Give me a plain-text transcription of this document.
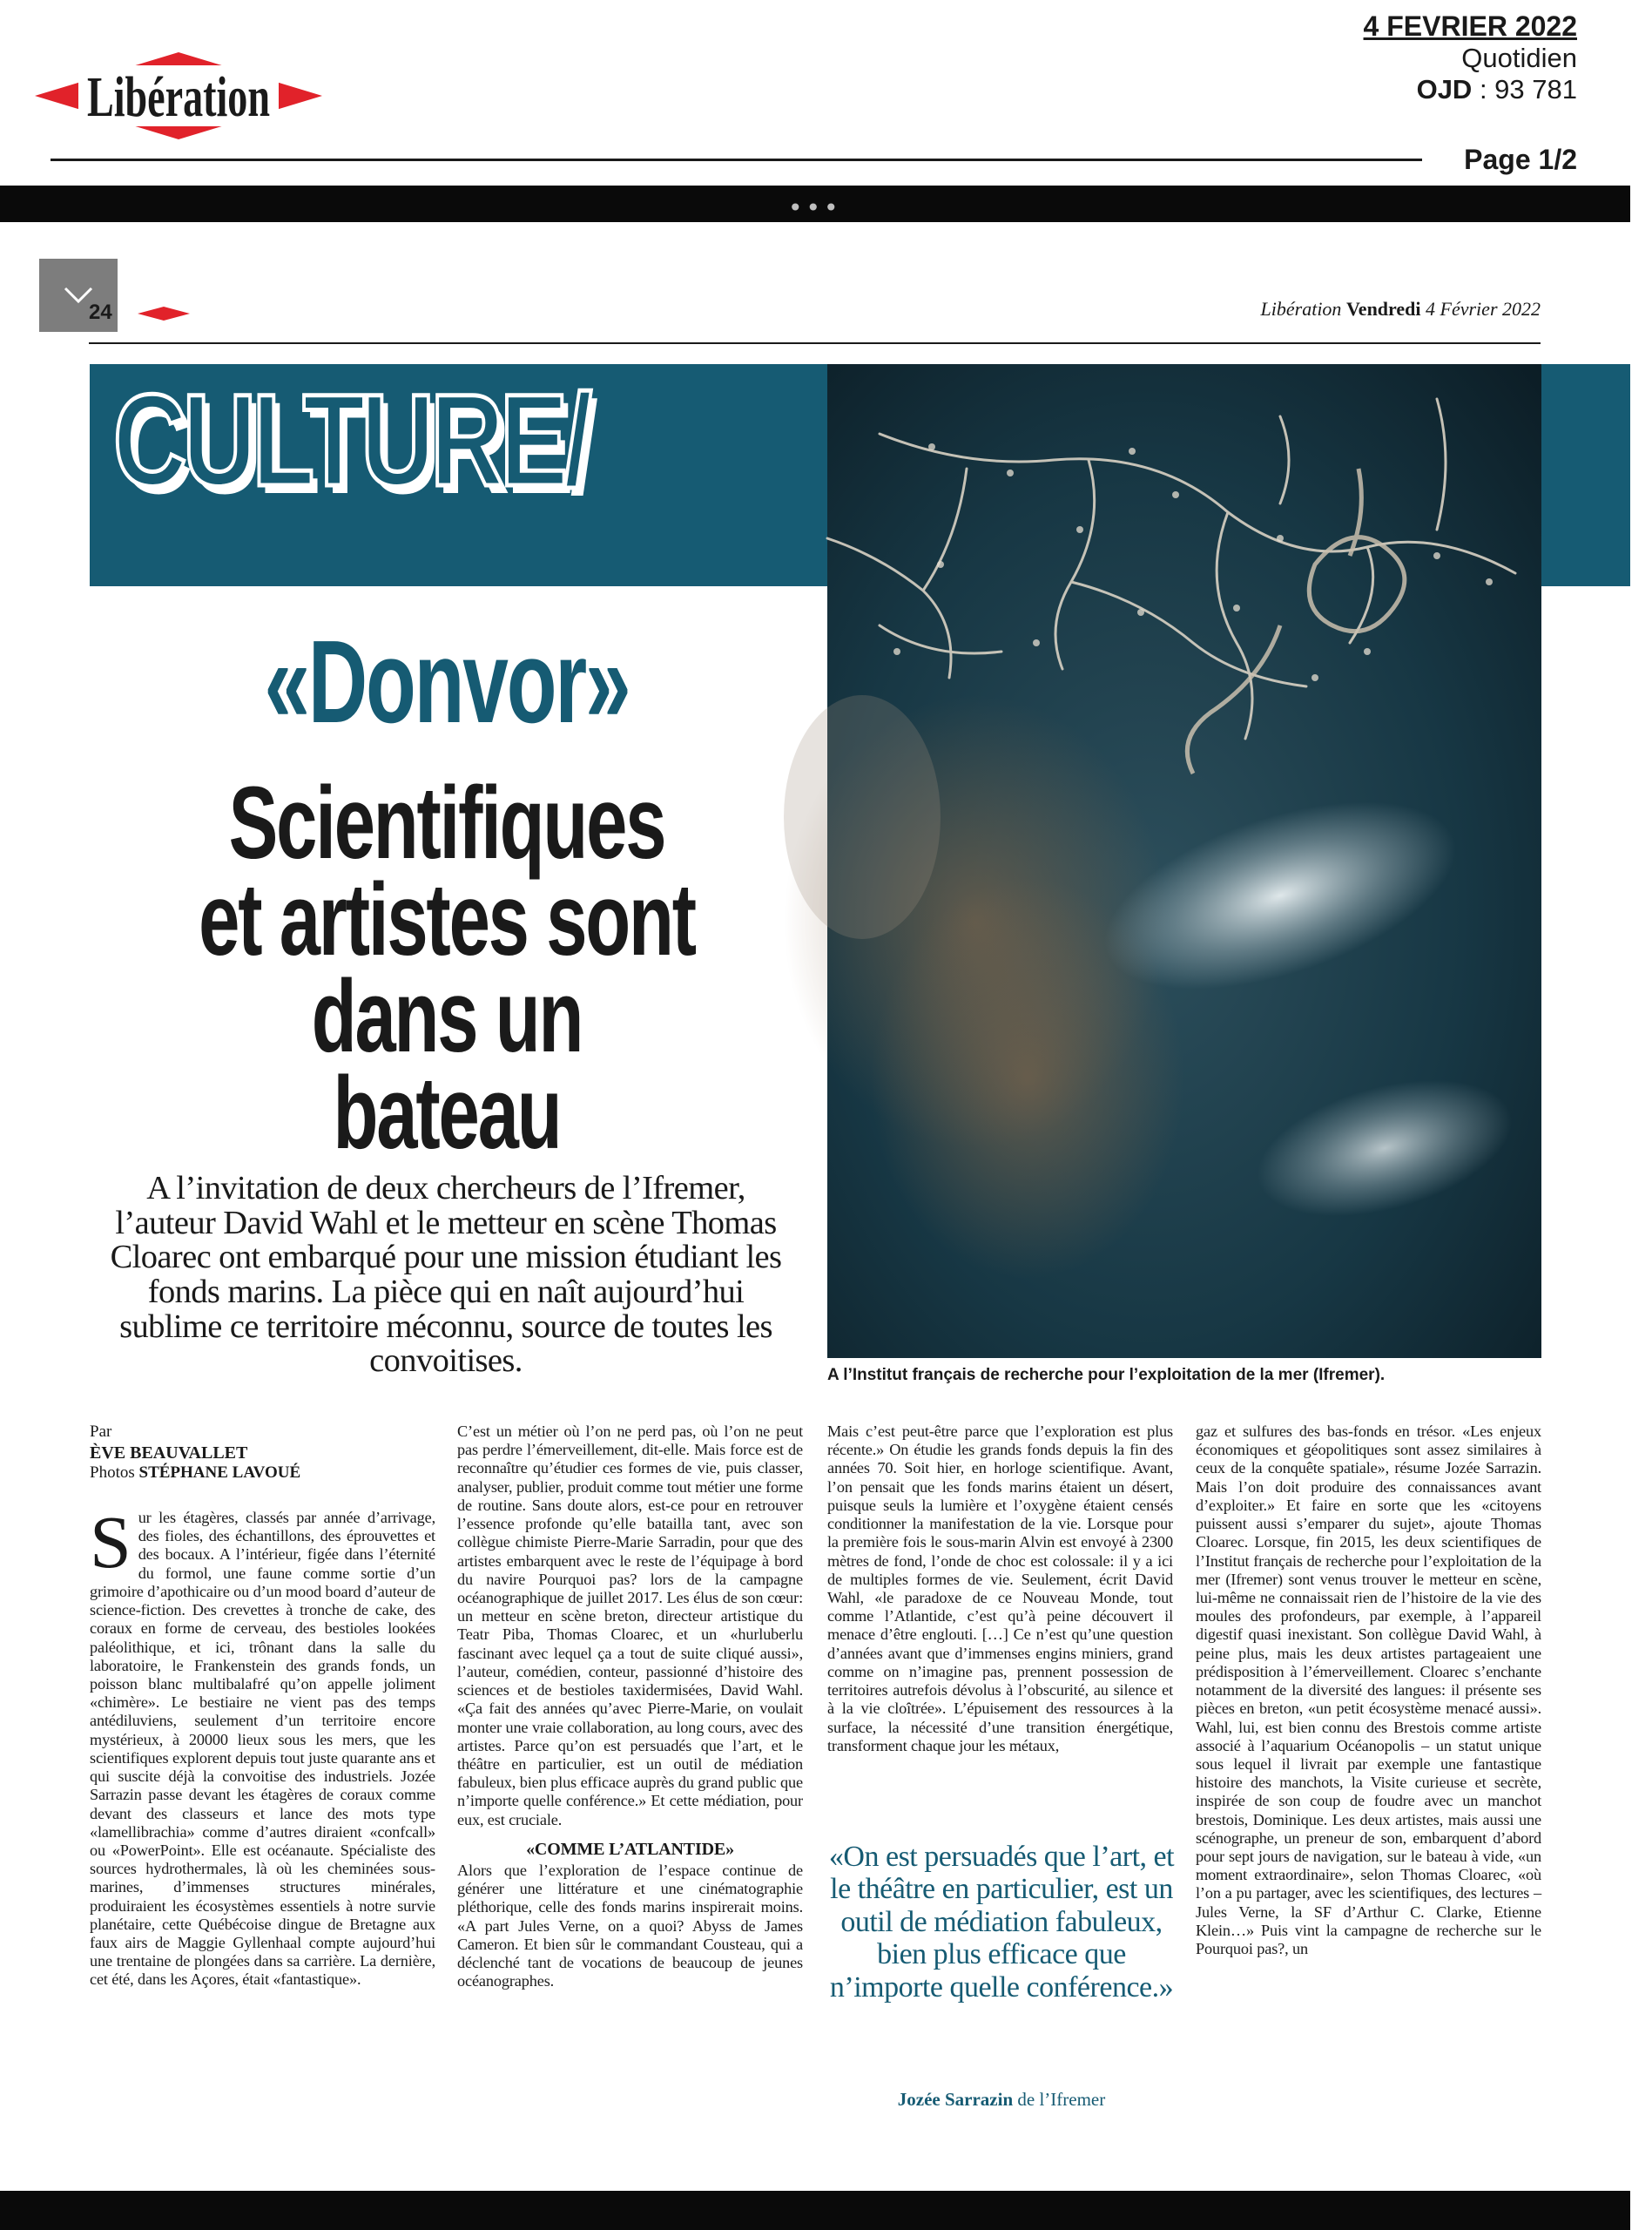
Libération
4 FEVRIER 2022
Quotidien
OJD : 93 781
Page 1/2
•••
24	Libération Vendredi 4 Février 2022
CULTURE/
A l’Institut français de recherche pour l’exploitation de la mer (Ifremer).
«Donvor»
Scientifiques
et artistes sont
dans un bateau
A l’invitation de deux chercheurs de l’Ifremer, l’auteur David Wahl et le metteur en scène Thomas Cloarec ont embarqué pour une mission étudiant les fonds marins. La pièce qui en naît aujourd’hui sublime ce territoire méconnu, source de toutes les convoitises.
Par
ÈVE BEAUVALLET
Photos STÉPHANE LAVOUÉ
Sur les étagères, classés par année d’arrivage, des fioles, des échantillons, des éprouvettes et des bocaux. A l’intérieur, figée dans l’éternité du formol, une faune comme sortie d’un grimoire d’apothicaire ou d’un mood board d’auteur de science-fiction. Des crevettes à tronche de cake, des coraux en forme de cerveau, des bestioles lookées paléolithique, et ici, trônant dans la salle du laboratoire, le Frankenstein des grands fonds, un poisson blanc multibalafré qu’on appelle joliment «chimère». Le bestiaire ne vient pas des temps antédiluviens, seulement d’un territoire encore mystérieux, à 20000 lieux sous les mers, que les scientifiques explorent depuis tout juste quarante ans et qui suscite déjà la convoitise des industriels. Jozée Sarrazin passe devant les étagères de coraux comme devant des classeurs et lance des mots type «lamellibrachia» comme d’autres diraient «confcall» ou «PowerPoint». Elle est océanaute. Spécialiste des sources hydrothermales, là où les cheminées sous-marines, d’immenses structures minérales, produiraient les écosystèmes essentiels à notre survie planétaire, cette Québécoise dingue de Bretagne aux faux airs de Maggie Gyllenhaal compte aujourd’hui une trentaine de plongées dans sa carrière. La dernière, cet été, dans les Açores, était «fantastique».

C’est un métier où l’on ne perd pas, où l’on ne peut pas perdre l’émerveillement, dit-elle. Mais force est de reconnaître qu’étudier ces formes de vie, puis classer, analyser, publier, produit comme tout métier une forme de routine. Sans doute alors, est-ce pour en retrouver l’essence profonde qu’elle batailla tant, avec son collègue chimiste Pierre-Marie Sarradin, pour que des artistes embarquent avec le reste de l’équipage à bord du navire Pourquoi pas? lors de la campagne océanographique de juillet 2017. Les élus de son cœur: un metteur en scène breton, directeur artistique du Teatr Piba, Thomas Cloarec, et un «hurluberlu fascinant avec lequel ça a tout de suite cliqué aussi», l’auteur, comédien, conteur, passionné d’histoire des sciences et de bestioles taxidermisées, David Wahl. «Ça fait des années qu’avec Pierre-Marie, on voulait monter une vraie collaboration, au long cours, avec des artistes. Parce qu’on est persuadés que l’art, et le théâtre en particulier, est un outil de médiation fabuleux, bien plus efficace auprès du grand public que n’importe quelle conférence.» Et cette médiation, pour eux, est cruciale.

«COMME L’ATLANTIDE»

Alors que l’exploration de l’espace continue de générer une littérature et une cinématographie pléthorique, celle des fonds marins inspirerait moins. «A part Jules Verne, on a quoi? Abyss de James Cameron. Et bien sûr le commandant Cousteau, qui a déclenché tant de vocations de beaucoup de jeunes océanographes.

Mais c’est peut-être parce que l’exploration est plus récente.» On étudie les grands fonds depuis la fin des années 70. Soit hier, en horloge scientifique. Avant, l’on pensait que les fonds marins étaient un désert, puisque seuls la lumière et l’oxygène étaient censés conditionner la manifestation de la vie. Lorsque pour la première fois le sous-marin Alvin est envoyé à 2300 mètres de fond, l’onde de choc est colossale: il y a ici de multiples formes de vie. Seulement, écrit David Wahl, «le paradoxe de ce Nouveau Monde, tout comme l’Atlantide, c’est qu’à peine découvert il menace d’être englouti. […] Ce n’est qu’une question d’années avant que d’immenses engins miniers, grand comme on n’imagine pas, prennent possession de territoires autrefois dévolus à l’obscurité, au silence et à la vie cloîtrée». L’épuisement des ressources à la surface, la nécessité d’une transition énergétique, transforment chaque jour les métaux,

«On est persuadés que l’art, et le théâtre en particulier, est un outil de médiation fabuleux, bien plus efficace que n’importe quelle conférence.»
Jozée Sarrazin de l’Ifremer

gaz et sulfures des bas-fonds en trésor. «Les enjeux économiques et géopolitiques sont assez similaires à ceux de la conquête spatiale», résume Jozée Sarrazin. Mais l’on doit produire des connaissances avant d’exploiter.» Et faire en sorte que les «citoyens puissent aussi s’emparer du sujet», ajoute Thomas Cloarec. Lorsque, fin 2015, les deux scientifiques de l’Institut français de recherche pour l’exploitation de la mer (Ifremer) sont venus trouver le metteur en scène, lui-même ne connaissait rien de l’histoire de la vie des moules des profondeurs, par exemple, à l’appareil digestif quasi inexistant. Son collègue David Wahl, à peine plus, mais les deux artistes partageaient une prédisposition à l’émerveillement. Cloarec s’enchante notamment de la diversité des langues: il présente ses pièces en breton, «un petit écosystème menacé aussi». Wahl, lui, est bien connu des Brestois comme artiste associé à l’aquarium Océanopolis – un statut unique sous lequel il livrait par exemple une fantastique histoire des manchots, la Visite curieuse et secrète, inspirée de son coup de foudre avec un manchot brestois, Dominique. Les deux artistes, mais aussi une scénographe, un preneur de son, embarquent d’abord pour sept jours de navigation, sur le bateau à vide, «un moment extraordinaire», selon Thomas Cloarec, «où l’on a pu partager, avec les scientifiques, des lectures – Jules Verne, la SF d’Arthur C. Clarke, Etienne Klein…» Puis vint la campagne de recherche sur le Pourquoi pas?, un
